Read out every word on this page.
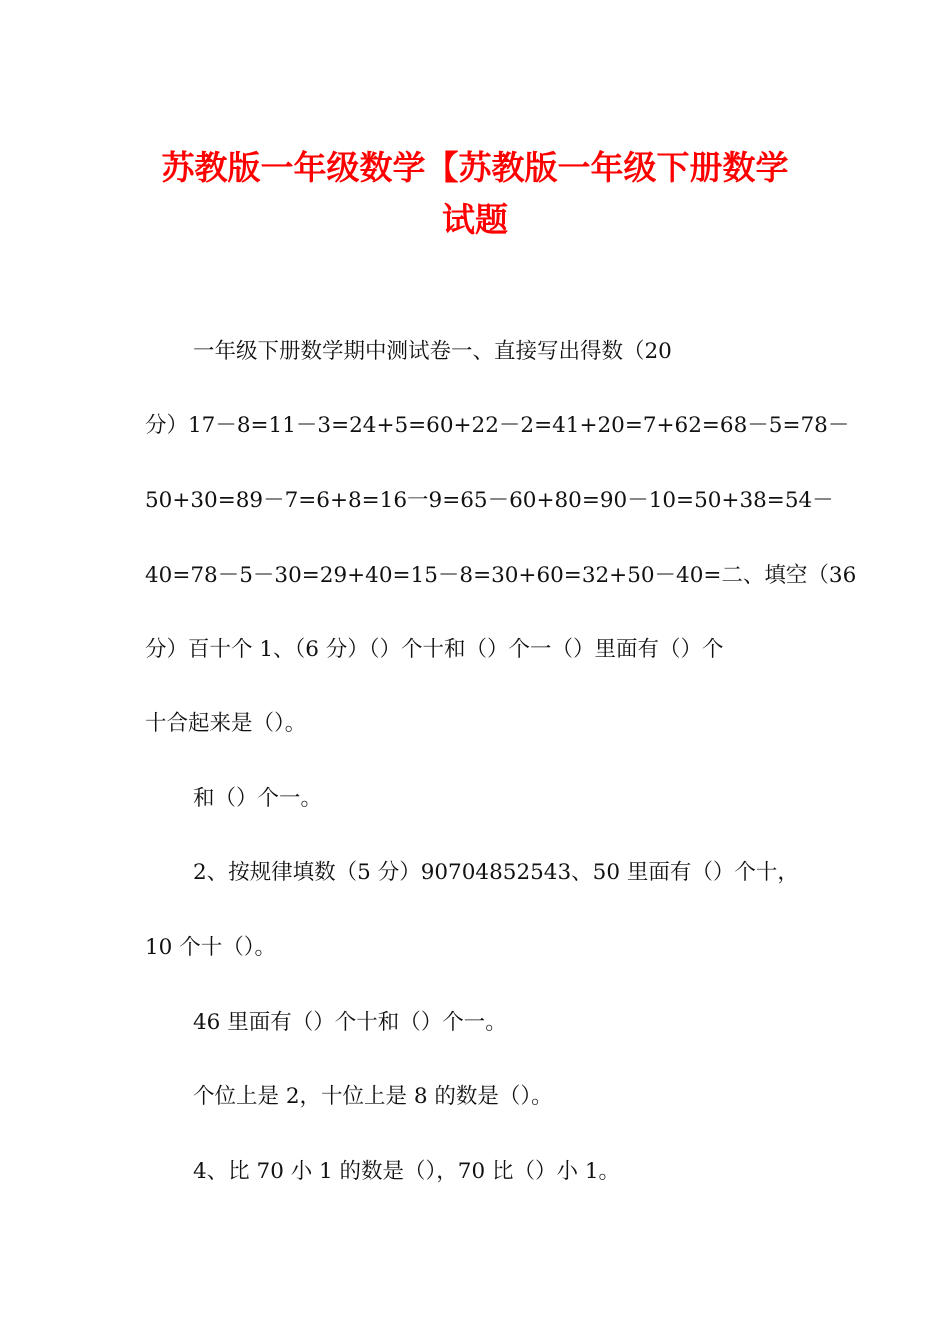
苏教版一年级数学【苏教版一年级下册数学
试题

一年级下册数学期中测试卷一、直接写出得数（20

分）17－8=11－3=24+5=60+22－2=41+20=7+62=68－5=78－

50+30=89－7=6+8=16一9=65－60+80=90－10=50+38=54－

40=78－5－30=29+40=15－8=30+60=32+50－40=二、填空（36

分）百十个 1、（6 分）（）个十和（）个一（）里面有（）个

十合起来是（）。

和（）个一。

2、按规律填数（5 分）90704852543、50 里面有（）个十，

10 个十（）。

46 里面有（）个十和（）个一。

个位上是 2，十位上是 8 的数是（）。

4、比 70 小 1 的数是（），70 比（）小 1。
